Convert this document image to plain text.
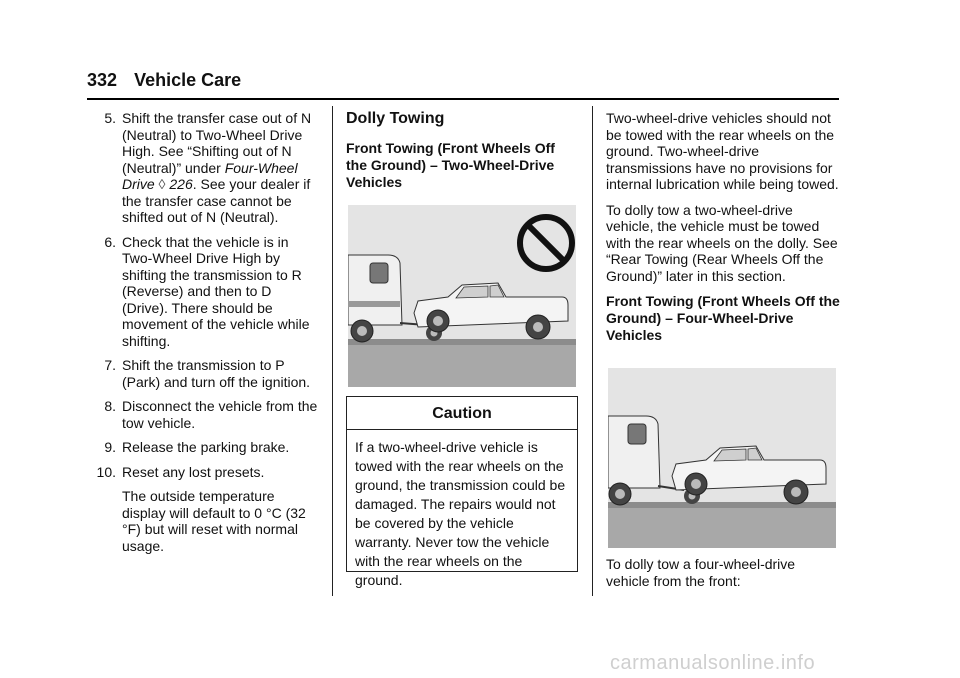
332 Vehicle Care
5. Shift the transfer case out of N (Neutral) to Two-Wheel Drive High. See “Shifting out of N (Neutral)” under Four-Wheel Drive ◊ 226. See your dealer if the transfer case cannot be shifted out of N (Neutral).
6. Check that the vehicle is in Two-Wheel Drive High by shifting the transmission to R (Reverse) and then to D (Drive). There should be movement of the vehicle while shifting.
7. Shift the transmission to P (Park) and turn off the ignition.
8. Disconnect the vehicle from the tow vehicle.
9. Release the parking brake.
10. Reset any lost presets.
The outside temperature display will default to 0 °C (32 °F) but will reset with normal usage.
Dolly Towing
Front Towing (Front Wheels Off the Ground) – Two-Wheel-Drive Vehicles
Caution
If a two-wheel-drive vehicle is towed with the rear wheels on the ground, the transmission could be damaged. The repairs would not be covered by the vehicle warranty. Never tow the vehicle with the rear wheels on the ground.

Two-wheel-drive vehicles should not be towed with the rear wheels on the ground. Two-wheel-drive transmissions have no provisions for internal lubrication while being towed.

To dolly tow a two-wheel-drive vehicle, the vehicle must be towed with the rear wheels on the dolly. See “Rear Towing (Rear Wheels Off the Ground)” later in this section.

Front Towing (Front Wheels Off the Ground) – Four-Wheel-Drive Vehicles
To dolly tow a four-wheel-drive vehicle from the front:
carmanualsonline.info
